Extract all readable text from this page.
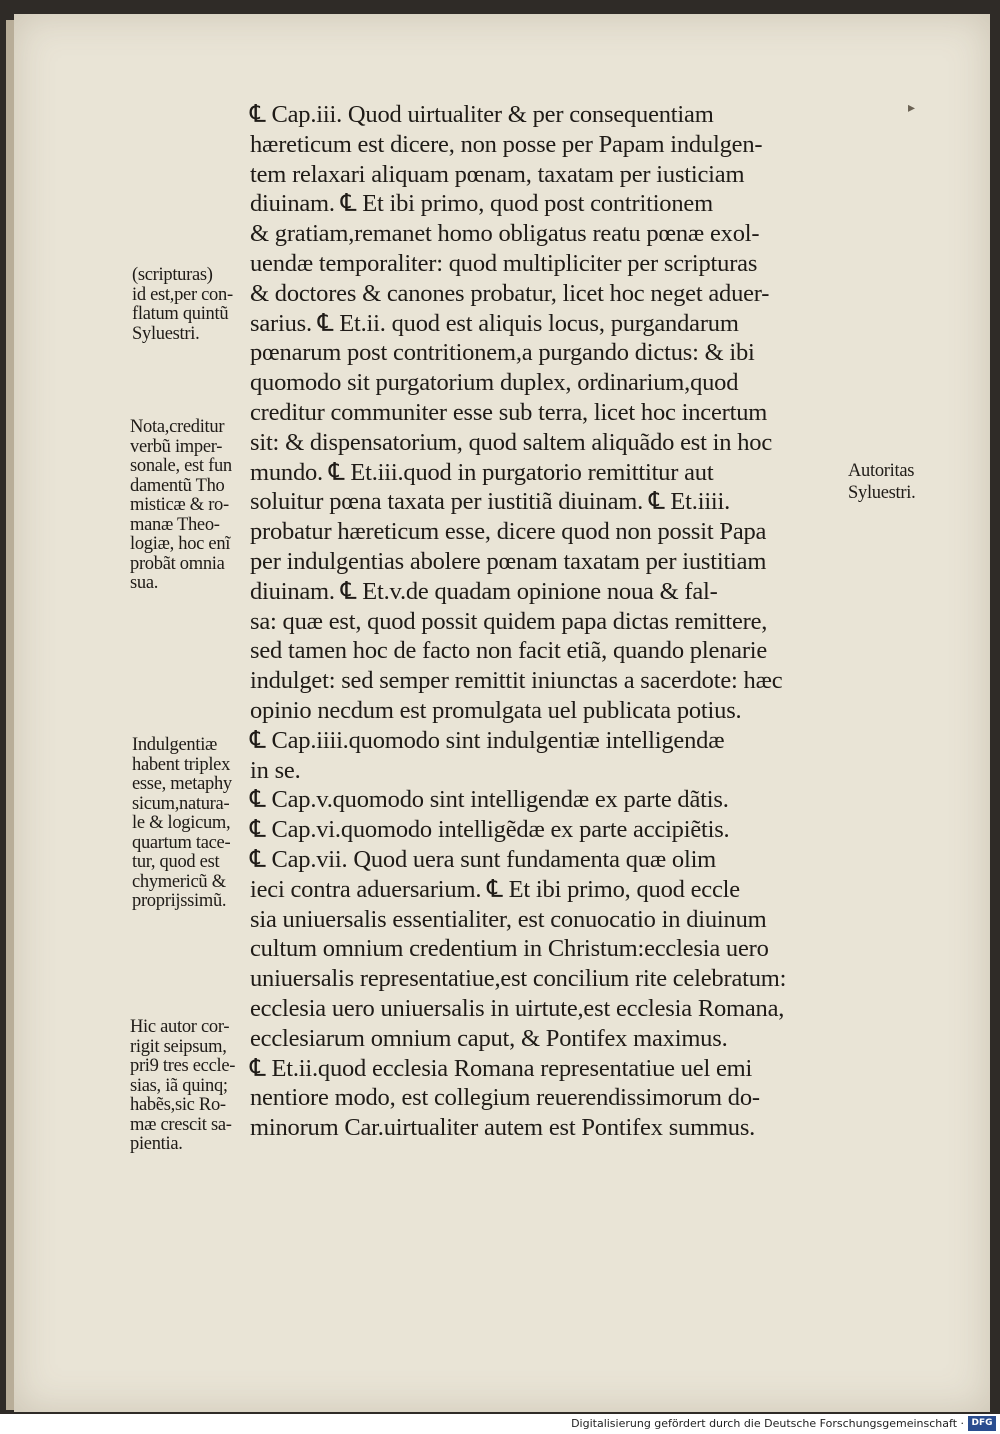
℄ Cap.iii. Quod uirtualiter & per consequentiam
hæreticum est dicere, non posse per Papam indulgen-
tem relaxari aliquam pœnam, taxatam per iusticiam
diuinam. ℄ Et ibi primo, quod post contritionem
& gratiam,remanet homo obligatus reatu pœnæ exol-
uendæ temporaliter: quod multipliciter per scripturas
& doctores & canones probatur, licet hoc neget aduer-
sarius. ℄ Et.ii. quod est aliquis locus, purgandarum
pœnarum post contritionem,a purgando dictus: & ibi
quomodo sit purgatorium duplex, ordinarium,quod
creditur communiter esse sub terra, licet hoc incertum
sit: & dispensatorium, quod saltem aliquãdo est in hoc
mundo. ℄ Et.iii.quod in purgatorio remittitur aut
soluitur pœna taxata per iustitiã diuinam. ℄ Et.iiii.
probatur hæreticum esse, dicere quod non possit Papa
per indulgentias abolere pœnam taxatam per iustitiam
diuinam. ℄ Et.v.de quadam opinione noua & fal-
sa: quæ est, quod possit quidem papa dictas remittere,
sed tamen hoc de facto non facit etiã, quando plenarie
indulget: sed semper remittit iniunctas a sacerdote: hæc
opinio necdum est promulgata uel publicata potius.
℄ Cap.iiii.quomodo sint indulgentiæ intelligendæ
in se.
℄ Cap.v.quomodo sint intelligendæ ex parte dãtis.
℄ Cap.vi.quomodo intelligẽdæ ex parte accipiẽtis.
℄ Cap.vii. Quod uera sunt fundamenta quæ olim
ieci contra aduersarium. ℄ Et ibi primo, quod eccle
sia uniuersalis essentialiter, est conuocatio in diuinum
cultum omnium credentium in Christum:ecclesia uero
uniuersalis representatiue,est concilium rite celebratum:
ecclesia uero uniuersalis in uirtute,est ecclesia Romana,
ecclesiarum omnium caput, & Pontifex maximus.
℄ Et.ii.quod ecclesia Romana representatiue uel emi
nentiore modo, est collegium reuerendissimorum do-
minorum Car.uirtualiter autem est Pontifex summus.
(scripturas)
id est,per con-
flatum quintũ
Syluestri.
Nota,creditur
verbũ imper-
sonale, est fun
damentũ Tho
misticæ & ro-
manæ Theo-
logiæ, hoc enĩ
probãt omnia
sua.
Autoritas
Syluestri.
Indulgentiæ
habent triplex
esse, metaphy
sicum,natura-
le & logicum,
quartum tace-
tur, quod est
chymericũ &
proprijssimũ.
Hic autor cor-
rigit seipsum,
pri9 tres eccle-
sias, iã quinq;
habẽs,sic Ro-
mæ crescit sa-
pientia.
▸
Digitalisierung gefördert durch die Deutsche Forschungsgemeinschaft · DFG
